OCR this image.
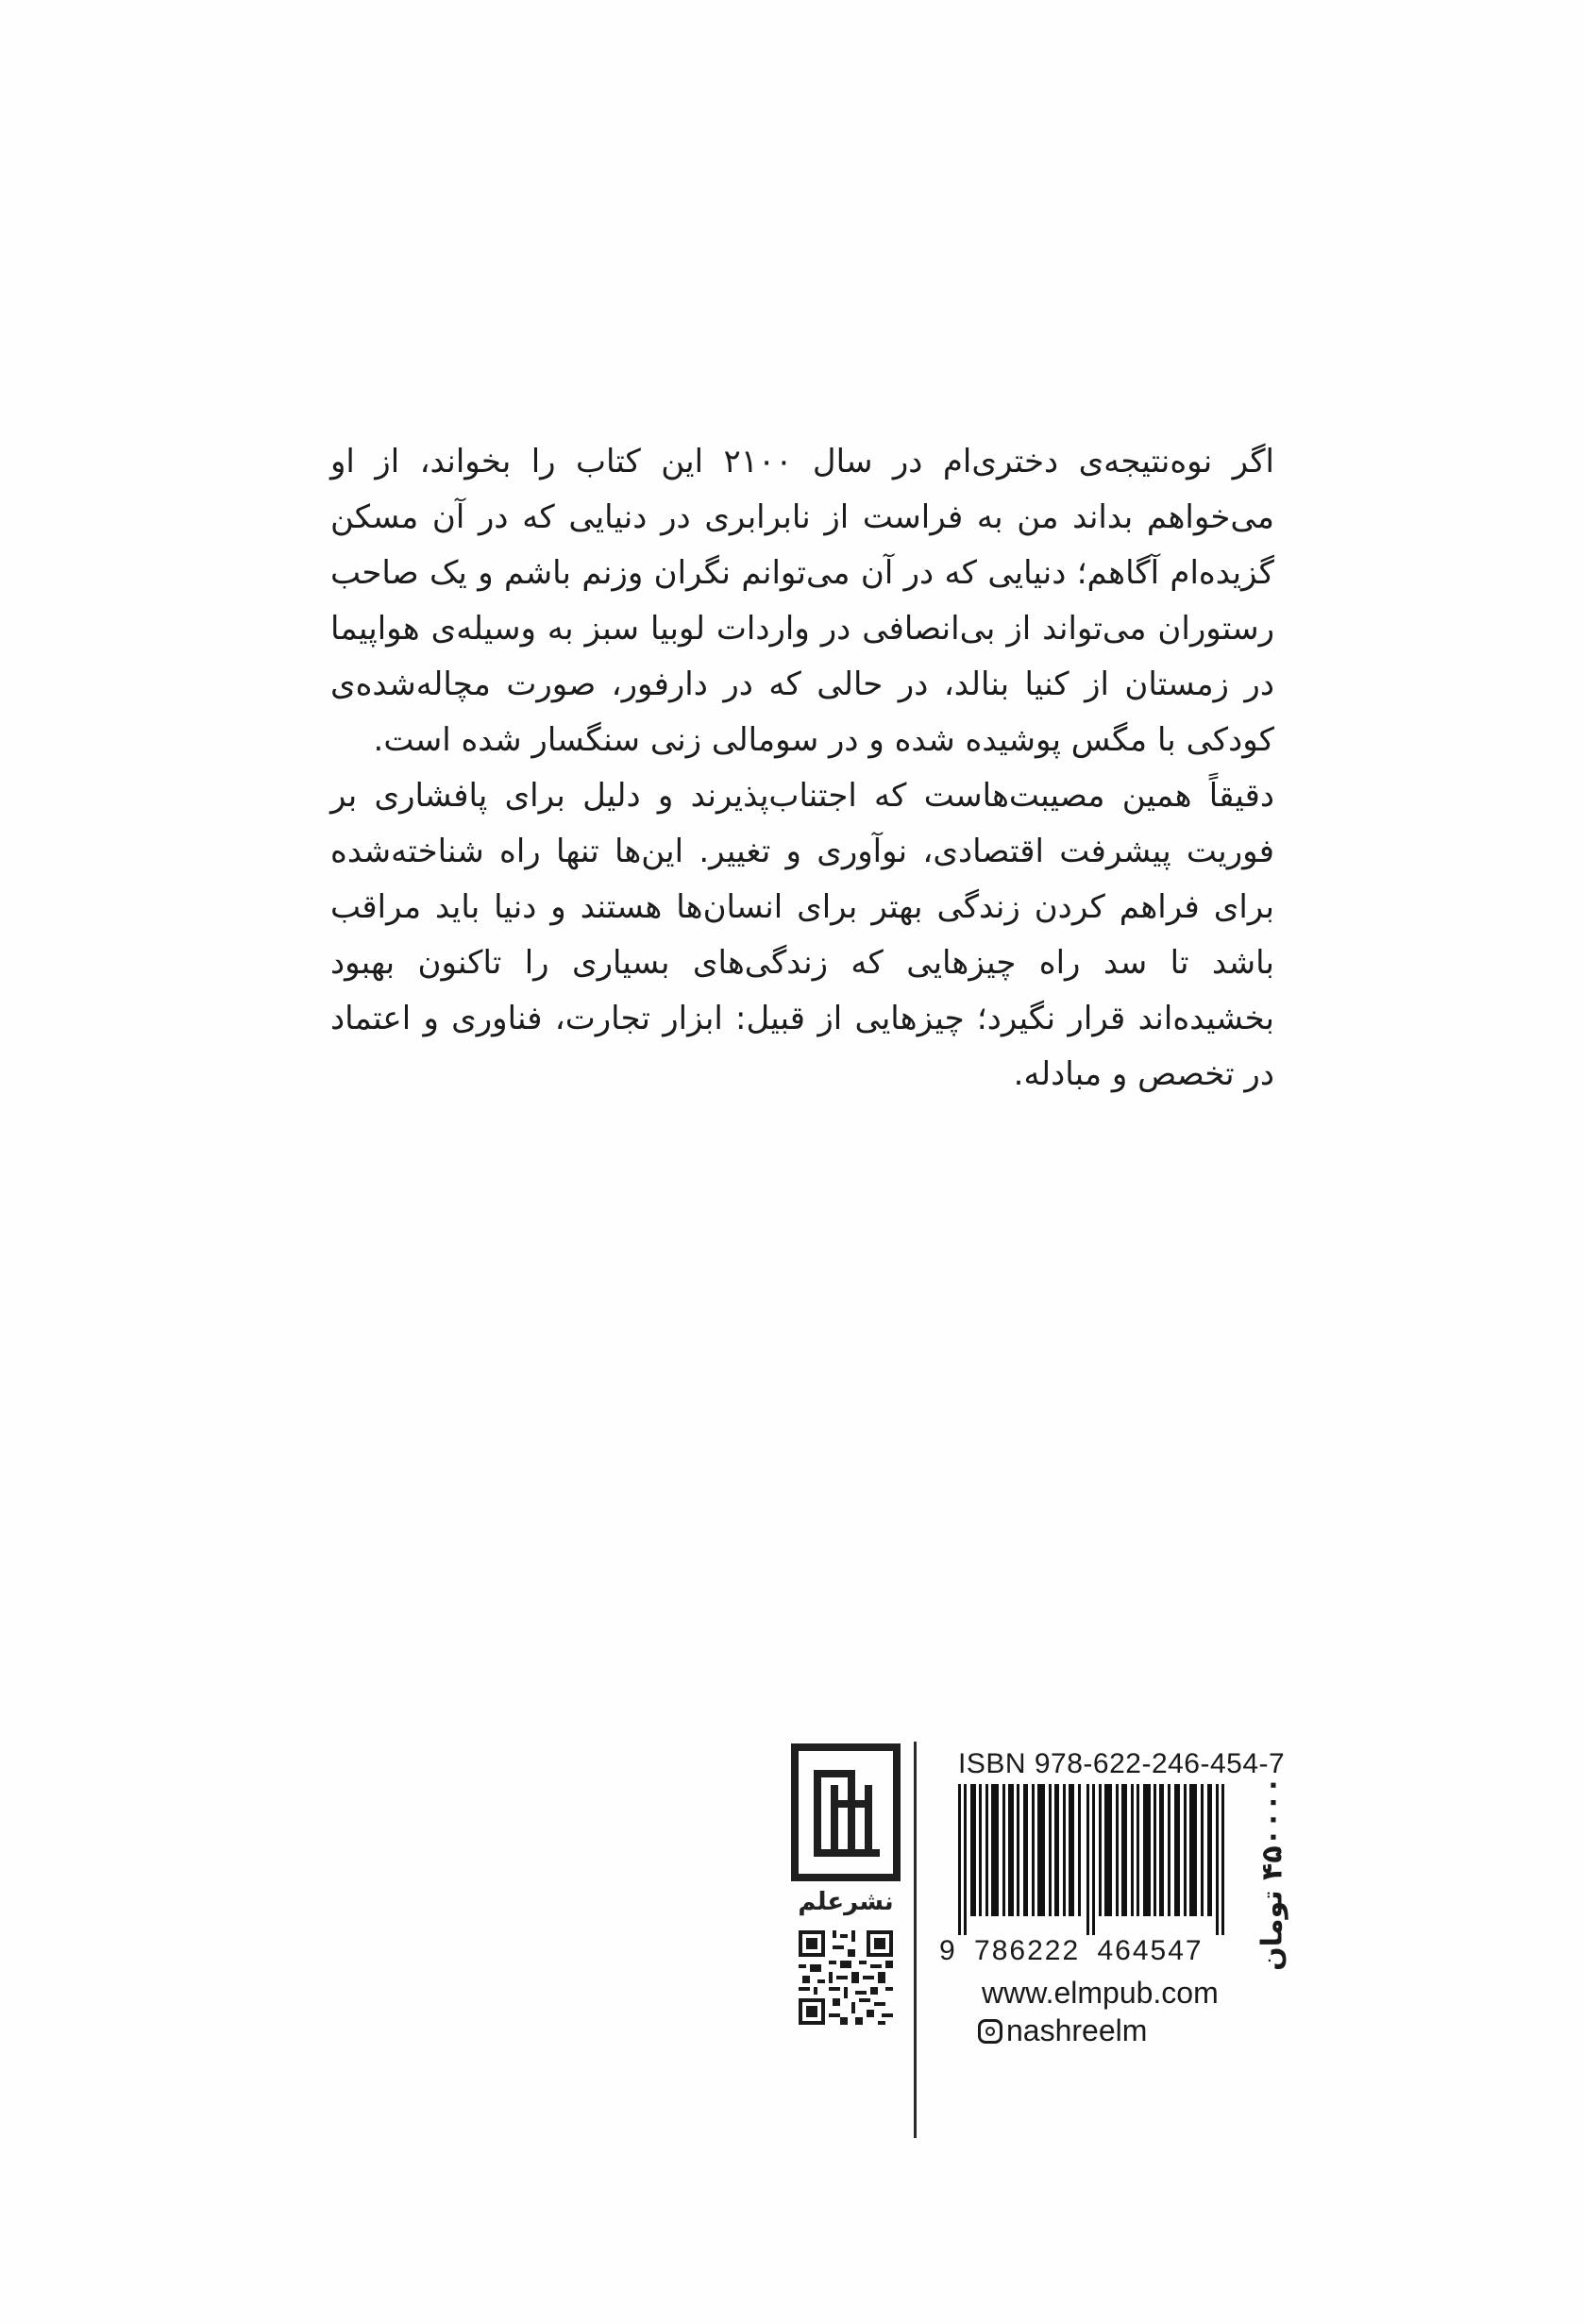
اگر نوه‌نتیجه‌ی دختری‌ام در سال ۲۱۰۰ این کتاب را بخواند، از او می‌خواهم بداند من به فراست از نابرابری در دنیایی که در آن مسکن گزیده‌ام آگاهم؛ دنیایی که در آن می‌توانم نگران وزنم باشم و یک صاحب رستوران می‌تواند از بی‌انصافی در واردات لوبیا سبز به وسیله‌ی هواپیما در زمستان از کنیا بنالد، در حالی که در دارفور، صورت مچاله‌شده‌ی کودکی با مگس پوشیده شده و در سومالی زنی سنگسار شده است.

دقیقاً همین مصیبت‌هاست که اجتناب‌پذیرند و دلیل برای پافشاری بر فوریت پیشرفت اقتصادی، نوآوری و تغییر. این‌ها تنها راه شناخته‌شده برای فراهم کردن زندگی بهتر برای انسان‌ها هستند و دنیا باید مراقب باشد تا سد راه چیزهایی که زندگی‌های بسیاری را تاکنون بهبود بخشیده‌اند قرار نگیرد؛ چیزهایی از قبیل: ابزار تجارت، فناوری و اعتماد در تخصص و مبادله.

نشرعلم
ISBN 978-622-246-454-7
9 786222 464547
www.elmpub.com
nashreelm
۴۵۰۰۰۰ تومان
